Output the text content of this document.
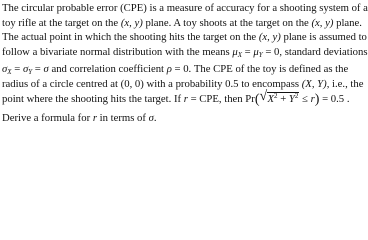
The circular probable error (CPE) is a measure of accuracy for a shooting system of a
toy rifle at the target on the (x, y) plane. A toy shoots at the target on the (x, y) plane.
The actual point in which the shooting hits the target on the (x, y) plane is assumed to
follow a bivariate normal distribution with the means $\mu_X = \mu_Y = 0$, standard deviations
$\sigma_X = \sigma_Y = \sigma$ and correlation coefficient ρ = 0. The CPE of the toy is defined as the
radius of a circle centred at (0, 0) with a probability 0.5 to encompass (X, Y), i.e., the
point where the shooting hits the target. If r = CPE, then Pr( √ $X^2 + Y^2 \le r) = 0.5$ .
Derive a formula for r in terms of σ.
